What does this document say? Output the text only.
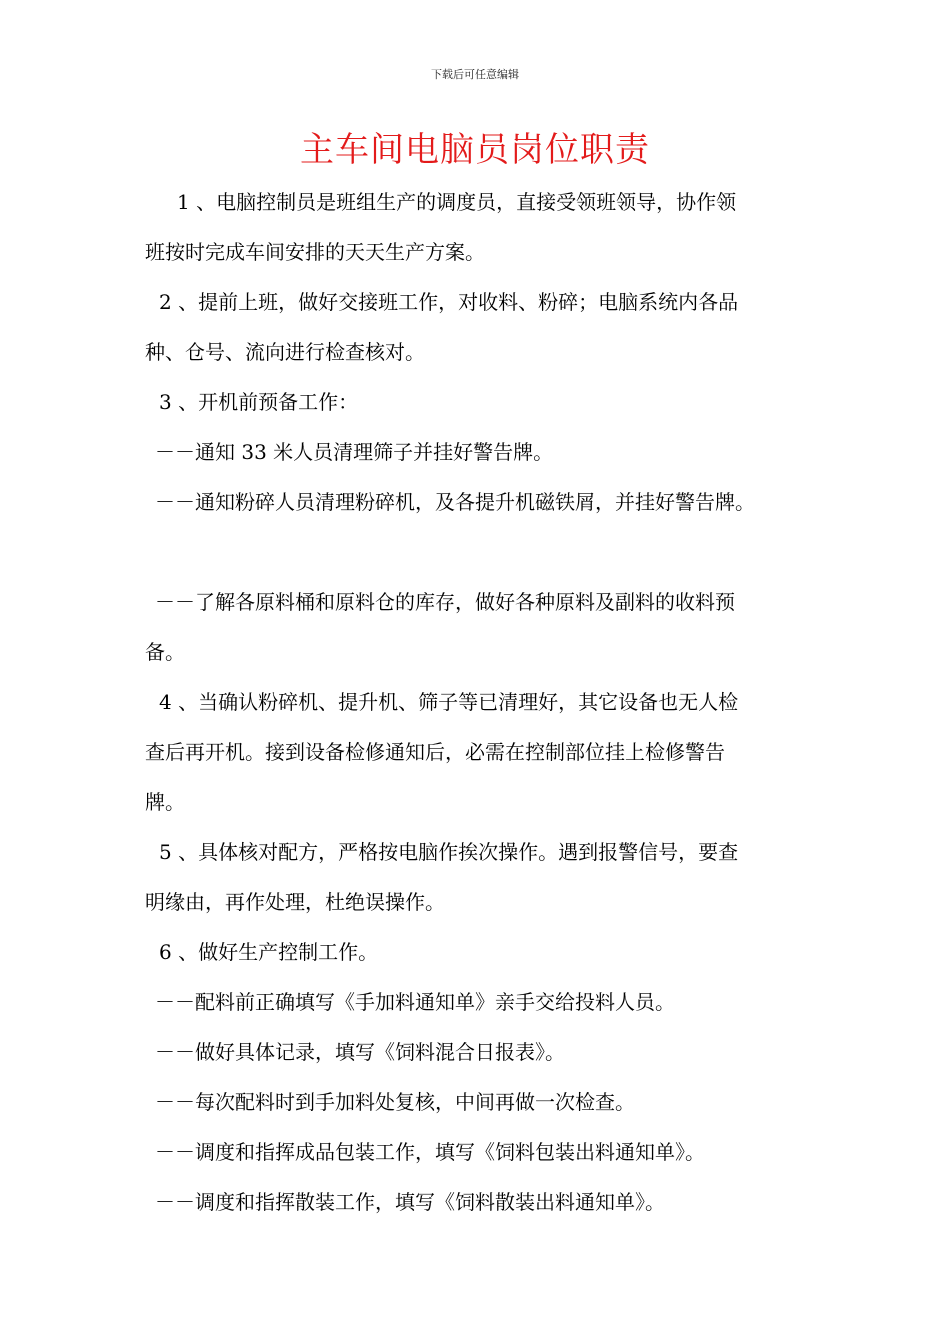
下载后可任意编辑
主车间电脑员岗位职责
1 、电脑控制员是班组生产的调度员，直接受领班领导，协作领
班按时完成车间安排的天天生产方案。
2 、提前上班，做好交接班工作，对收料、粉碎；电脑系统内各品
种、仓号、流向进行检查核对。
3 、开机前预备工作：
－－通知 33 米人员清理筛子并挂好警告牌。
－－通知粉碎人员清理粉碎机，及各提升机磁铁屑，并挂好警告牌。
－－了解各原料桶和原料仓的库存，做好各种原料及副料的收料预
备。
4 、当确认粉碎机、提升机、筛子等已清理好，其它设备也无人检
查后再开机。接到设备检修通知后，必需在控制部位挂上检修警告
牌。
5 、具体核对配方，严格按电脑作挨次操作。遇到报警信号，要查
明缘由，再作处理，杜绝误操作。
6 、做好生产控制工作。
－－配料前正确填写《手加料通知单》亲手交给投料人员。
－－做好具体记录，填写《饲料混合日报表》。
－－每次配料时到手加料处复核，中间再做一次检查。
－－调度和指挥成品包装工作，填写《饲料包装出料通知单》。
－－调度和指挥散装工作，填写《饲料散装出料通知单》。
